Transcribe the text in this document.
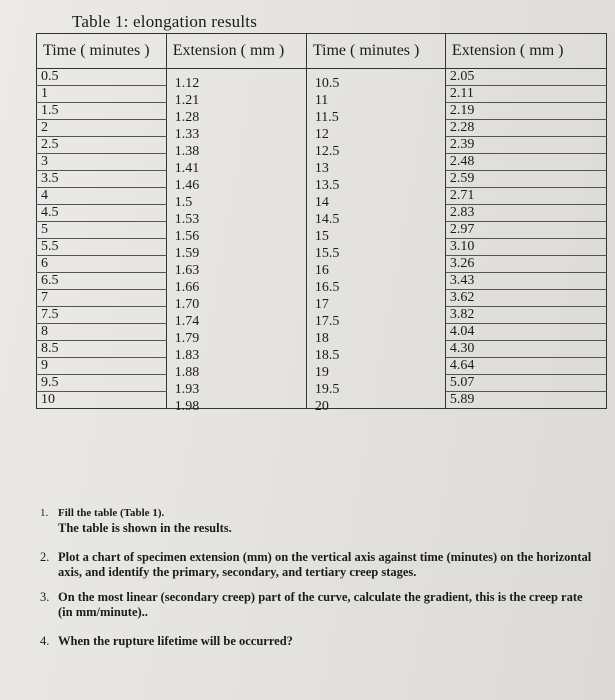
Table 1: elongation results
Time ( minutes )	Extension ( mm )	Time ( minutes )	Extension ( mm )
0.5	1.12	10.5	2.05
1	1.21	11	2.11
1.5	1.28	11.5	2.19
2	1.33	12	2.28
2.5	1.38	12.5	2.39
3	1.41	13	2.48
3.5	1.46	13.5	2.59
4	1.5	14	2.71
4.5	1.53	14.5	2.83
5	1.56	15	2.97
5.5	1.59	15.5	3.10
6	1.63	16	3.26
6.5	1.66	16.5	3.43
7	1.70	17	3.62
7.5	1.74	17.5	3.82
8	1.79	18	4.04
8.5	1.83	18.5	4.30
9	1.88	19	4.64
9.5	1.93	19.5	5.07
10	1.98	20	5.89
1. Fill the table (Table 1).
The table is shown in the results.
2. Plot a chart of specimen extension (mm) on the vertical axis against time (minutes) on the horizontal axis, and identify the primary, secondary, and tertiary creep stages.
3. On the most linear (secondary creep) part of the curve, calculate the gradient, this is the creep rate (in mm/minute)..
4. When the rupture lifetime will be occurred?
